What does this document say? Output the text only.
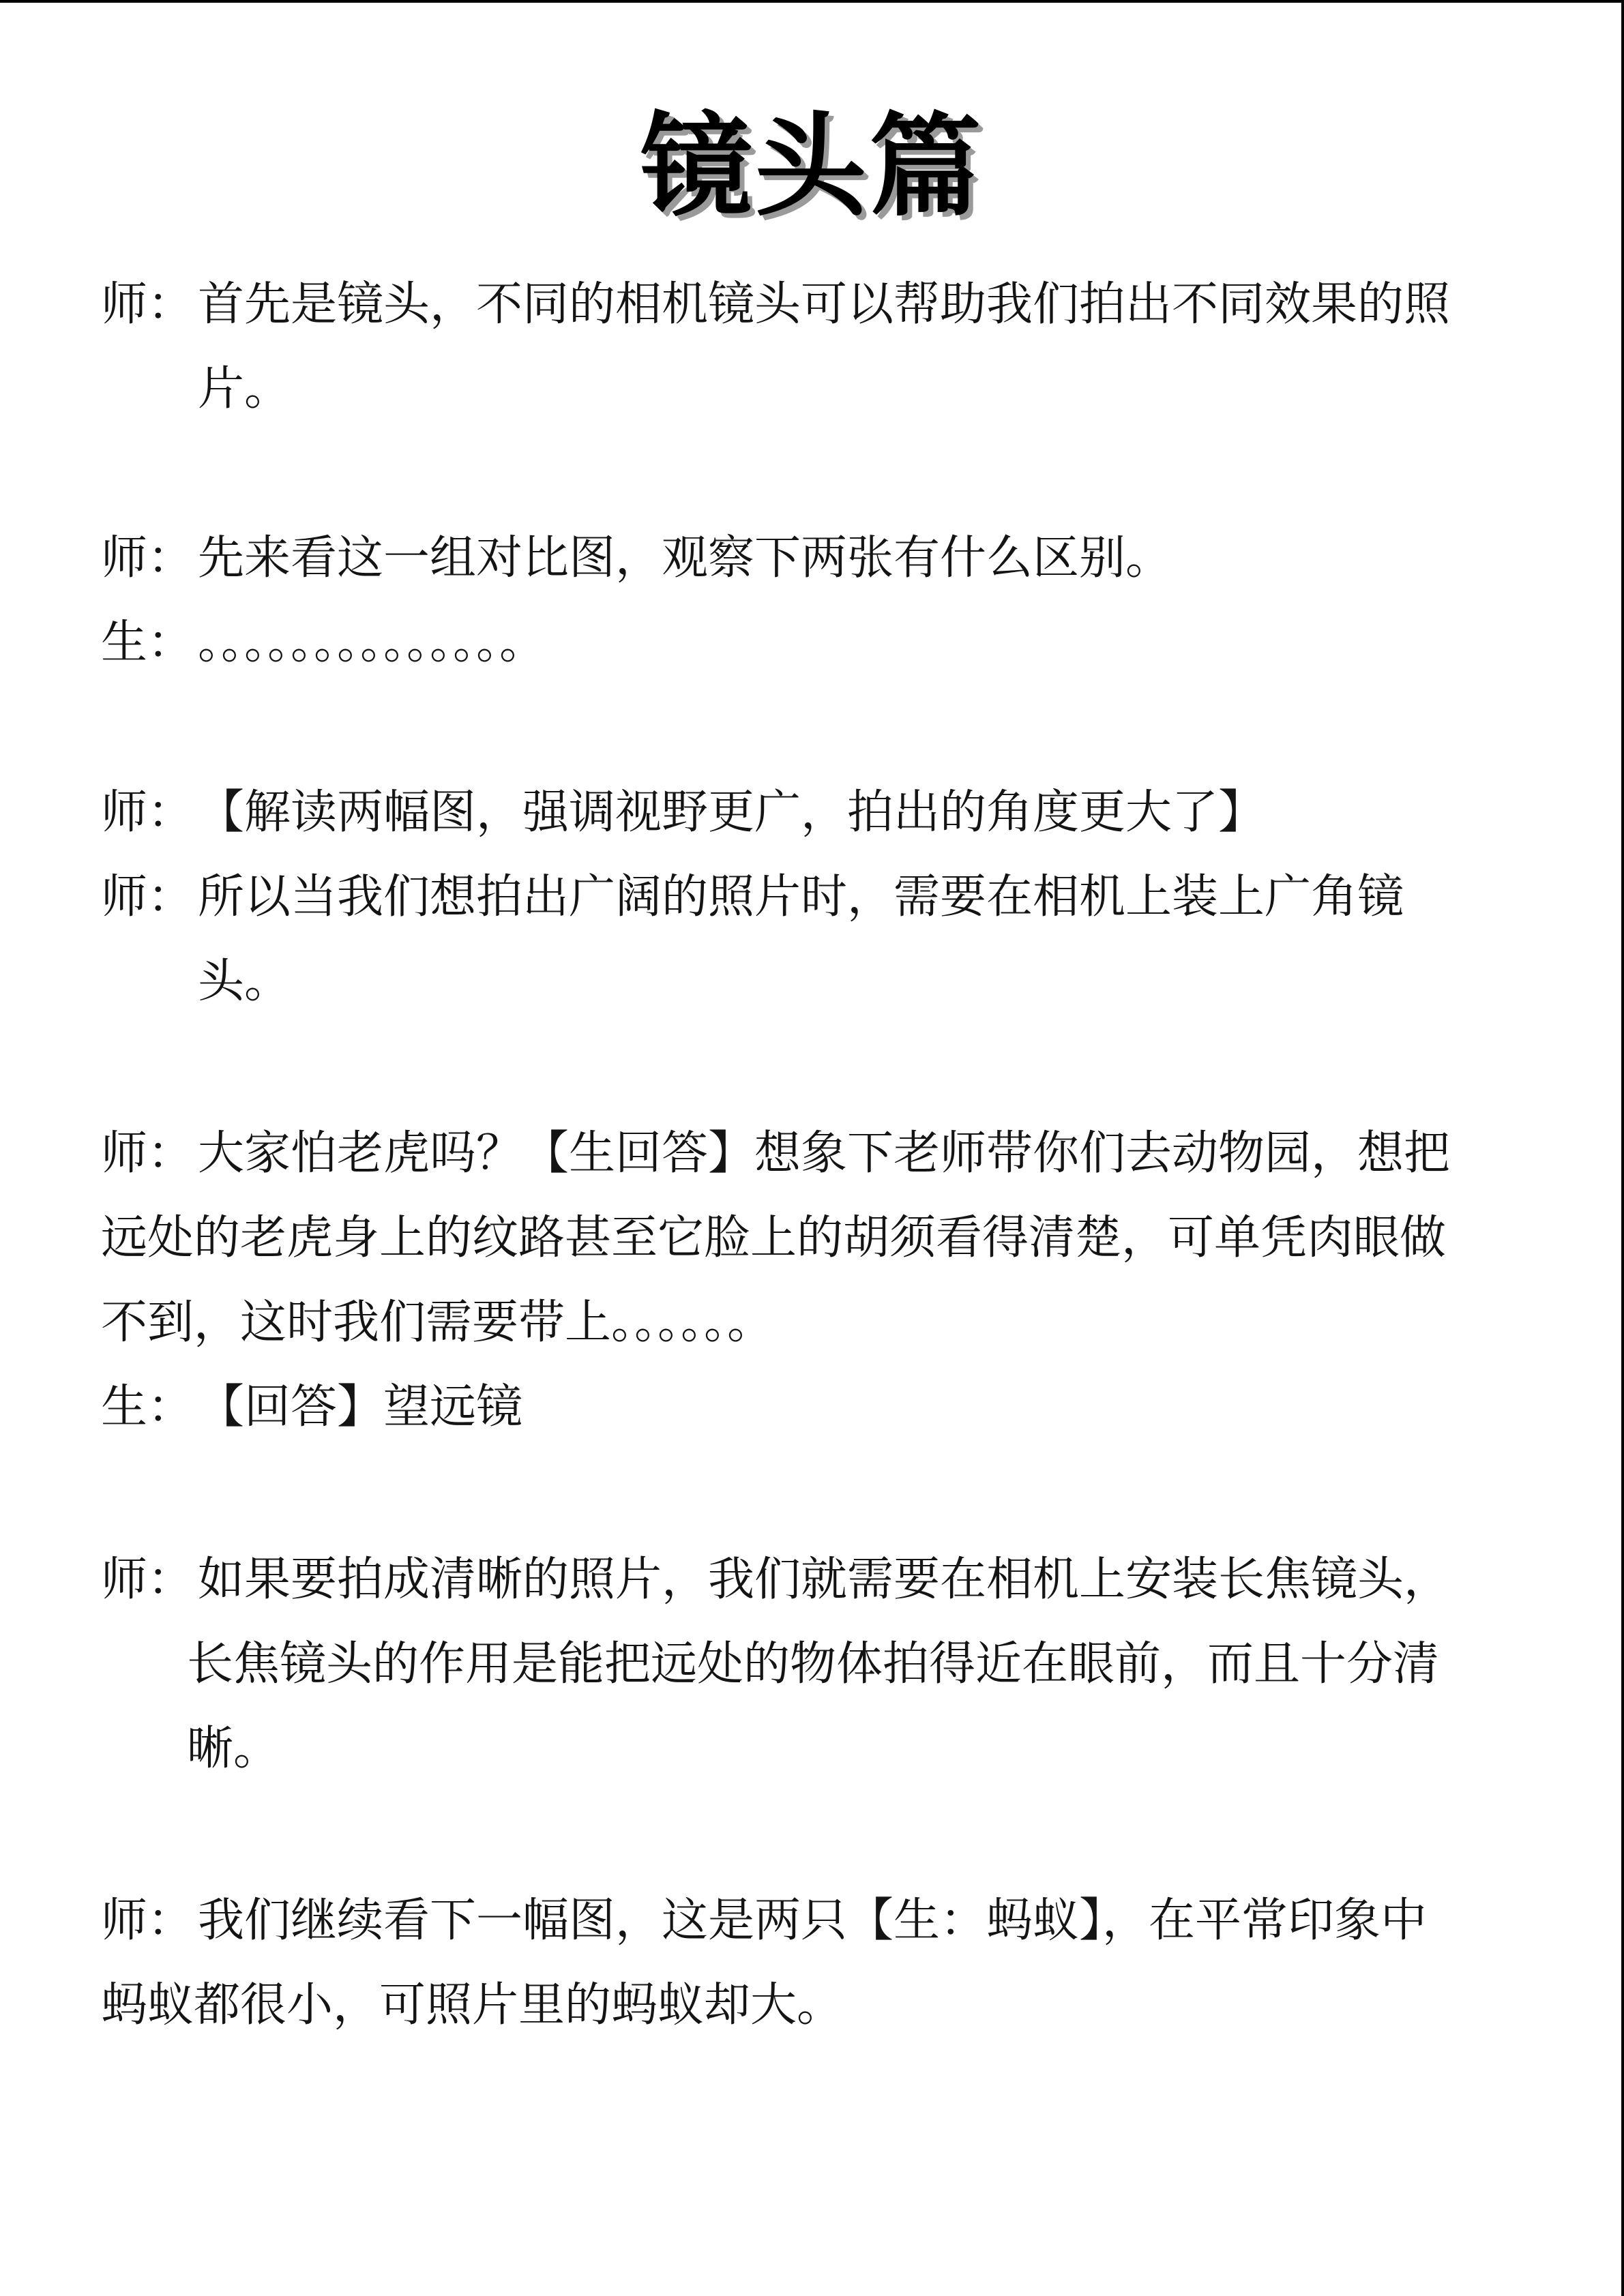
镜头篇
师： 首先是镜头，不同的相机镜头可以帮助我们拍出不同效果的照
片。
师： 先来看这一组对比图，观察下两张有什么区别。
生： 。。。。。。。。。。。。。。
师： 【解读两幅图，强调视野更广，拍出的角度更大了】
师： 所以当我们想拍出广阔的照片时，需要在相机上装上广角镜
头。
师： 大家怕老虎吗？【生回答】想象下老师带你们去动物园，想把
远处的老虎身上的纹路甚至它脸上的胡须看得清楚，可单凭肉眼做
不到，这时我们需要带上。。。。。。
生： 【回答】望远镜
师： 如果要拍成清晰的照片，我们就需要在相机上安装长焦镜头，
长焦镜头的作用是能把远处的物体拍得近在眼前，而且十分清
晰。
师： 我们继续看下一幅图，这是两只【生：蚂蚁】，在平常印象中
蚂蚁都很小，可照片里的蚂蚁却大。
